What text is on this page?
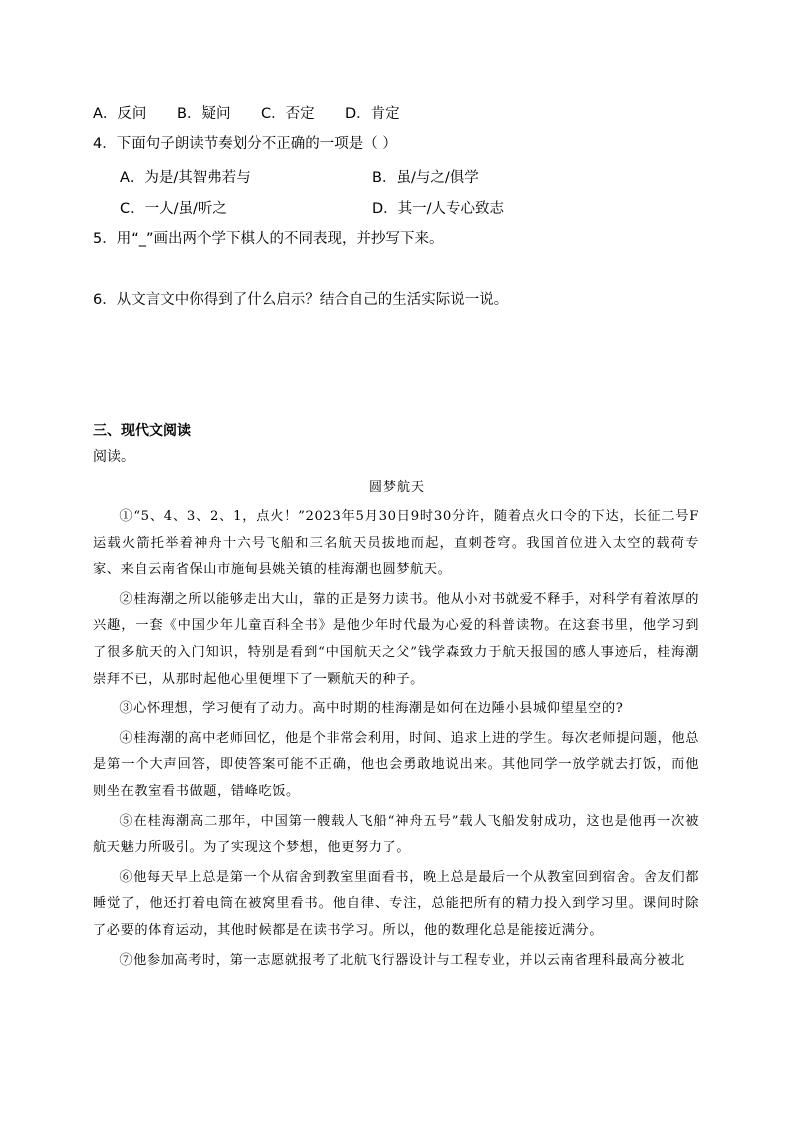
A．反问 B．疑问 C．否定 D．肯定
4．下面句子朗读节奏划分不正确的一项是（ ）
A．为是/其智弗若与	B．虽/与之/俱学
C．一人/虽/听之	D．其一/人专心致志
5．用“_”画出两个学下棋人的不同表现，并抄写下来。
6．从文言文中你得到了什么启示？结合自己的生活实际说一说。
三、现代文阅读
阅读。
圆梦航天

①“5、4、3、2、1，点火！”2023年5月30日9时30分许，随着点火口令的下达，长征二号F运载火箭托举着神舟十六号飞船和三名航天员拔地而起，直刺苍穹。我国首位进入太空的载荷专家、来自云南省保山市施甸县姚关镇的桂海潮也圆梦航天。

②桂海潮之所以能够走出大山，靠的正是努力读书。他从小对书就爱不释手，对科学有着浓厚的兴趣，一套《中国少年儿童百科全书》是他少年时代最为心爱的科普读物。在这套书里，他学习到了很多航天的入门知识，特别是看到“中国航天之父”钱学森致力于航天报国的感人事迹后，桂海潮崇拜不已，从那时起他心里便埋下了一颗航天的种子。

③心怀理想，学习便有了动力。高中时期的桂海潮是如何在边陲小县城仰望星空的?

④桂海潮的高中老师回忆，他是个非常会利用，时间、追求上进的学生。每次老师提问题，他总是第一个大声回答，即使答案可能不正确，他也会勇敢地说出来。其他同学一放学就去打饭，而他则坐在教室看书做题，错峰吃饭。

⑤在桂海潮高二那年，中国第一艘载人飞船“神舟五号”载人飞船发射成功，这也是他再一次被航天魅力所吸引。为了实现这个梦想，他更努力了。

⑥他每天早上总是第一个从宿舍到教室里面看书，晚上总是最后一个从教室回到宿舍。舍友们都睡觉了，他还打着电筒在被窝里看书。他自律、专注，总能把所有的精力投入到学习里。课间时除了必要的体育运动，其他时候都是在读书学习。所以，他的数理化总是能接近满分。

⑦他参加高考时，第一志愿就报考了北航飞行器设计与工程专业，并以云南省理科最高分被北
